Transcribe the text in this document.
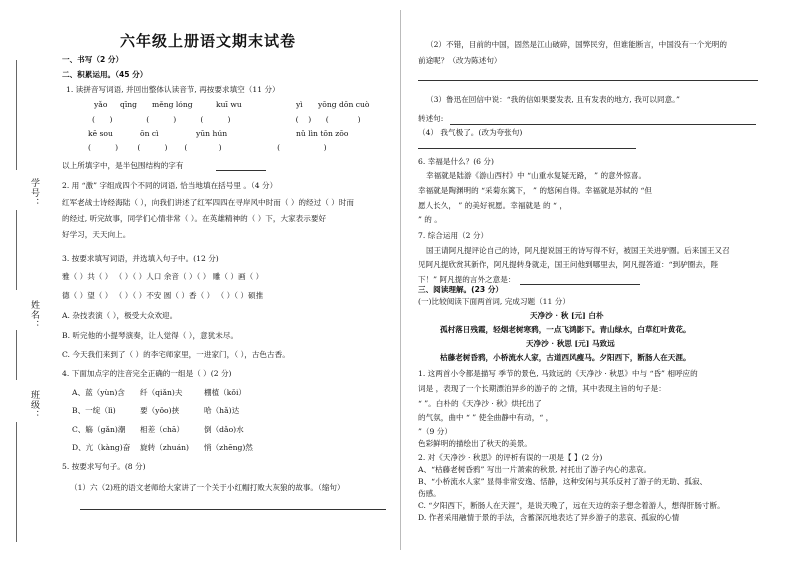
学号：
姓名：
班级：
六年级上册语文期末试卷
一、书写（2 分）
二、积累运用。（45 分）
1. 读拼音写词语, 并回出整体认读音节, 再按要求填空（11 分）
yǎo qīng měng lóng	kuī wu	yì yōng dōn cuò
(      )              (          )          (          )                           (    )      (            )
kē sou	ōn cì	yūn hún	nǔ lìn tōn zōo
(          )        (          )       (             )                       (                  )
以上所填字中，是半包围结构的字有
2. 用 “激” 字组成四个不同的词语, 恰当地填在括号里 。（4 分）
红军老战士诗经海陆（ ），向我们讲述了红军四四在寻岸风中时而（ ）的经过（ ）时而
的经过, 听完故事，同学们心情非常（ ）。在英雄精神的（ ）下，大家表示要好
好学习，天天向上。
3. 按要求填写词语，并选填入句子中。(12 分)
雅（ ）共（ ） （ ）（ ）人口 余音（ ）（ ） 雕（ ）画（ ）
德（ ）望（ ） （ ）（ ）不安 圆（ ）香（ ） （ ）（ ）硕推
A. 杂技表演（ ），极受大众欢迎。
B. 听完他的小提琴演奏，让人觉得（ ），意犹未尽。
C. 今天我们来到了（ ）的李宅师家里，一进家门，（ ），古色古香。
4. 下面加点字的注音完全正确的一组是（ ）(2 分)
A、蓝（yùn)含 纤（qiǎn)夫	棚植（kǒi）
B、一绽（lì)	要（yǒo)挟	哈（hǎ)达
C、觞（gǎn)潮 相差（chā）	倒（dǎo)水
D、亢（kàng)奋 旋转（zhuán) 悄（zhēng)然
5. 按要求写句子。(8 分)
（1）六（2)班的语文老师给大家讲了一个关于小红帽打败大灰狼的故事。（缩句）
（2）不错，目前的中国，固然是江山破碎，国弊民穷，但谁能断言，中国没有一个光明的
前途呢？（改为陈述句）
（3）鲁迅在回信中说：“我的信如果要发表, 且有发表的地方, 我可以同意。”
转述句:
（4） 我气极了。(改为夸张句)
6. 幸福是什么？(6 分)
幸福就是陆游《游山西村》中 “山重水复疑无路， ” 的意外惊喜。
幸福就是陶渊明的 “采菊东篱下， ” 的悠闲自得。幸福就是苏轼的 “但
愿人长久， ” 的美好祝愿。幸福就是 的 “ ，
” 的 。
7. 综合运用（2 分）
国王请阿凡提评论自己的诗，阿凡提说国王的诗写得不好，被国王关进驴圈。后来国王又召
见阿凡提欣赏其新作，阿凡提转身就走，国王问他到哪里去，阿凡提答道：“到驴圈去，陛
下！” 阿凡提的言外之意是：
三、阅读理解。(23 分）
(一)比较阅读下面两首词, 完成习题（11 分）
天净沙 · 秋 [元] 白朴
孤村落日残霞，轻烟老树寒鸦，一点飞鸿影下。青山绿水，白草红叶黄花。
天净沙 · 秋思 [元] 马致远
枯藤老树昏鸦，小桥流水人家，古道西风瘦马。夕阳西下，断肠人在天涯。
1. 这两首小令都是描写 季节的景色, 马致远的《天净沙 · 秋思》中与 “昏” 相呼应的
词是 ，表现了一个长期漂泊异乡的游子的 之情，其中表现主旨的句子是：
“ ”。白朴的《天净沙 · 秋》烘托出了
的气氛，曲中 “ ” 使全曲静中有动，“ ，
”（9 分）
色彩鲜明的描绘出了秋天的美景。
2. 对《天净沙 · 秋思》的评析有误的一项是【 】(2 分)
A、“枯藤老树昏鸦” 写出一片萧索的秋景, 衬托出了游子内心的悲哀。
B、“小桥流水人家” 显得非常安逸、恬静，这种安闲与其乐反衬了游子的无助、孤寂、
伤感。
C. “夕阳西下，断肠人在天涯”，是说天晚了，远在天边的亲子想念着游人，想得肝肠寸断。
D. 作者采用融情于景的手法，含蓄深沉地表达了异乡游子的悲哀、孤寂的心情
